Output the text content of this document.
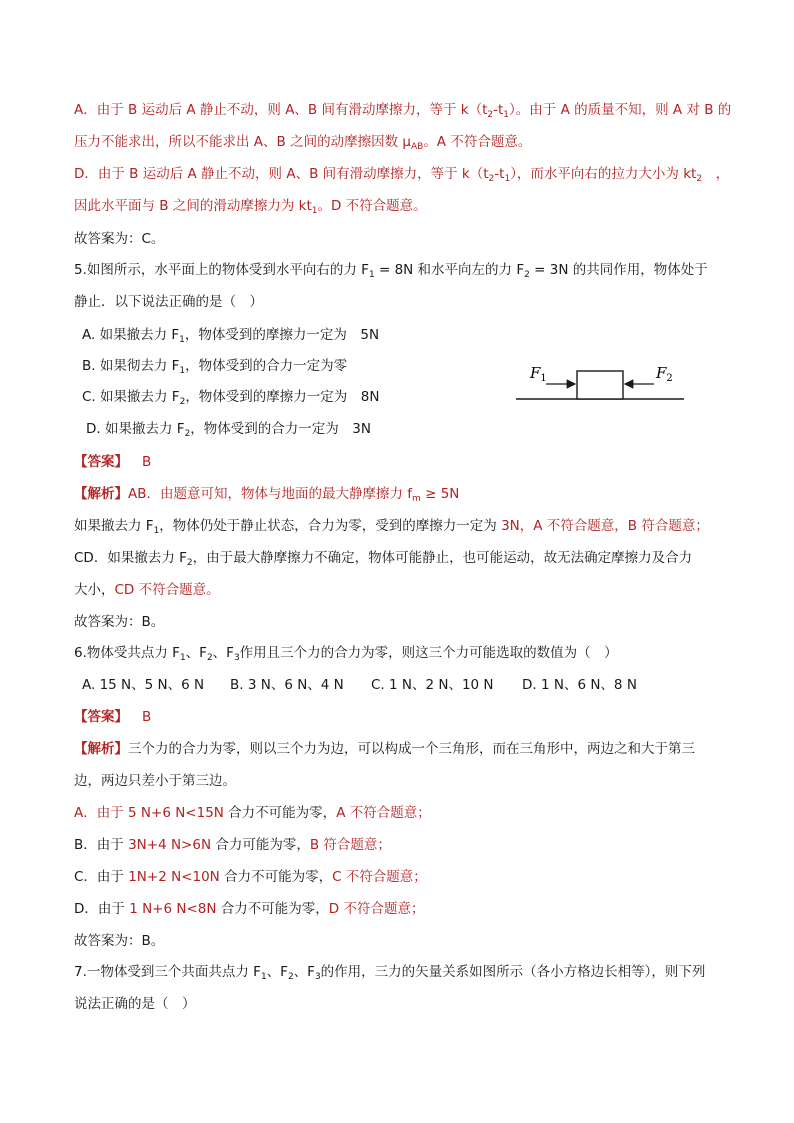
A．由于 B 运动后 A 静止不动，则 A、B 间有滑动摩擦力，等于 $k(t_2-t_1)$。由于 A 的质量不知，则 A 对 B 的
压力不能求出，所以不能求出 A、B 之间的动摩擦因数 $\mu_{AB}$。A 不符合题意。
D．由于 B 运动后 A 静止不动，则 A、B 间有滑动摩擦力，等于 $k(t_2-t_1)$，而水平向右的拉力大小为 $kt_2$　，
因此水平面与 B 之间的滑动摩擦力为 $kt_1$。D 不符合题意。
故答案为：C。
5.如图所示，水平面上的物体受到水平向右的力 $F_1 = 8N$ 和水平向左的力 $F_2 = 3N$ 的共同作用，物体处于
静止．以下说法正确的是（　）
A. 如果撤去力 $F_1$，物体受到的摩擦力一定为　5N
B. 如果彻去力 $F_1$，物体受到的合力一定为零
C. 如果撤去力 $F_2$，物体受到的摩擦力一定为　8N
D. 如果撤去力 $F_2$，物体受到的合力一定为　3N
$F_1$	$F_2$
【答案】 B
【解析】AB．由题意可知，物体与地面的最大静摩擦力 $f_m \ge 5N$
如果撤去力 $F_1$，物体仍处于静止状态，合力为零，受到的摩擦力一定为 3N，A 不符合题意，B 符合题意；
CD．如果撤去力 $F_2$，由于最大静摩擦力不确定，物体可能静止，也可能运动，故无法确定摩擦力及合力
大小，CD 不符合题意。
故答案为：B。
6.物体受共点力 $F_1$、$F_2$、$F_3$作用且三个力的合力为零，则这三个力可能选取的数值为（　）
A. 15 N、5 N、6 N B. 3 N、6 N、4 N C. 1 N、2 N、10 N D. 1 N、6 N、8 N
【答案】 B
【解析】三个力的合力为零，则以三个力为边，可以构成一个三角形，而在三角形中，两边之和大于第三
边，两边只差小于第三边。
A．由于 5 N+6 N<15N 合力不可能为零，A 不符合题意；
B．由于 3N+4 N>6N 合力可能为零，B 符合题意；
C．由于 1N+2 N<10N 合力不可能为零，C 不符合题意；
D．由于 1 N+6 N<8N 合力不可能为零，D 不符合题意；
故答案为：B。
7.一物体受到三个共面共点力 $F_1$、$F_2$、$F_3$的作用，三力的矢量关系如图所示（各小方格边长相等），则下列
说法正确的是（　）
